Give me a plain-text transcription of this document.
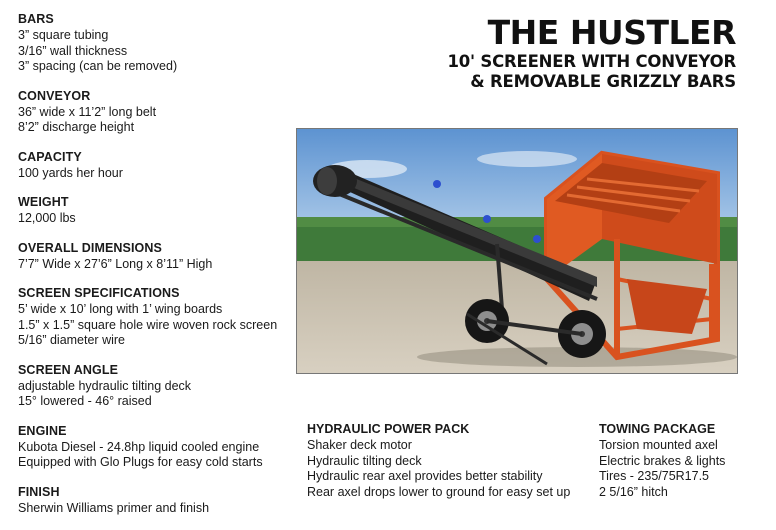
BARS
3” square tubing
3/16” wall thickness
3” spacing (can be removed)
CONVEYOR
36” wide x 11’2” long belt
8’2” discharge height
CAPACITY
100 yards her hour
WEIGHT
12,000 lbs
OVERALL DIMENSIONS
7’7” Wide x 27’6” Long x 8’11” High
SCREEN SPECIFICATIONS
5’ wide x 10’ long with 1’ wing boards
1.5” x 1.5” square hole wire woven rock screen
5/16” diameter wire
SCREEN ANGLE
adjustable hydraulic tilting deck
15° lowered - 46° raised
ENGINE
Kubota Diesel - 24.8hp liquid cooled engine
Equipped with Glo Plugs for easy cold starts
FINISH
Sherwin Williams primer and finish
THE HUSTLER
10' SCREENER WITH CONVEYOR
& REMOVABLE GRIZZLY BARS
HYDRAULIC POWER PACK
Shaker deck motor
Hydraulic tilting deck
Hydraulic rear axel provides better stability
Rear axel drops lower to ground for easy set up
TOWING PACKAGE
Torsion mounted axel
Electric brakes & lights
Tires - 235/75R17.5
2 5/16” hitch
